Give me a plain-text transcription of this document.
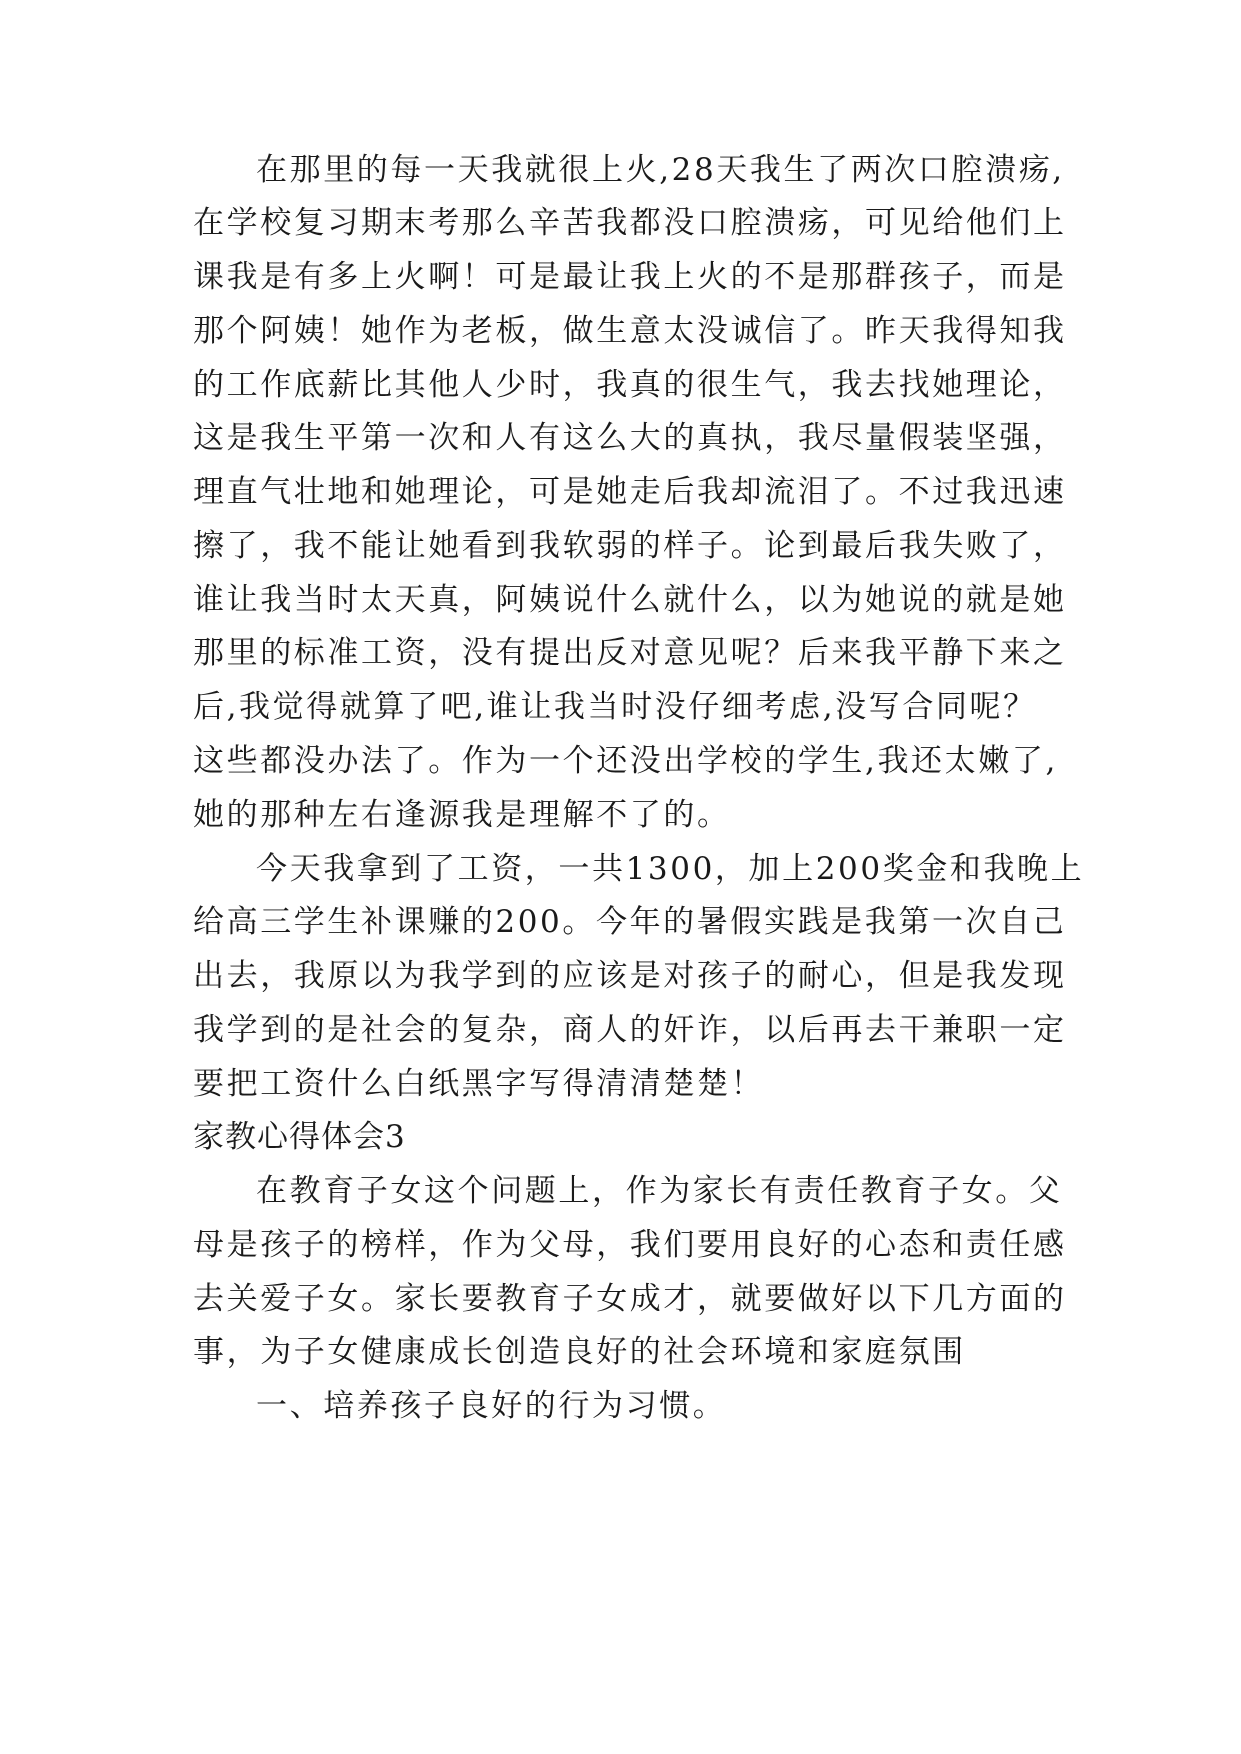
在那里的每一天我就很上火,28天我生了两次口腔溃疡,
在学校复习期末考那么辛苦我都没口腔溃疡，可见给他们上
课我是有多上火啊！可是最让我上火的不是那群孩子，而是
那个阿姨！她作为老板，做生意太没诚信了。昨天我得知我
的工作底薪比其他人少时，我真的很生气，我去找她理论，
这是我生平第一次和人有这么大的真执，我尽量假装坚强，
理直气壮地和她理论，可是她走后我却流泪了。不过我迅速
擦了，我不能让她看到我软弱的样子。论到最后我失败了，
谁让我当时太天真，阿姨说什么就什么，以为她说的就是她
那里的标准工资，没有提出反对意见呢？后来我平静下来之
后,我觉得就算了吧,谁让我当时没仔细考虑,没写合同呢？
这些都没办法了。作为一个还没出学校的学生,我还太嫩了,
她的那种左右逢源我是理解不了的。
今天我拿到了工资，一共1300，加上200奖金和我晚上
给高三学生补课赚的200。今年的暑假实践是我第一次自己
出去，我原以为我学到的应该是对孩子的耐心，但是我发现
我学到的是社会的复杂，商人的奸诈，以后再去干兼职一定
要把工资什么白纸黑字写得清清楚楚！
家教心得体会3
在教育子女这个问题上，作为家长有责任教育子女。父
母是孩子的榜样，作为父母，我们要用良好的心态和责任感
去关爱子女。家长要教育子女成才，就要做好以下几方面的
事，为子女健康成长创造良好的社会环境和家庭氛围
一、培养孩子良好的行为习惯。
